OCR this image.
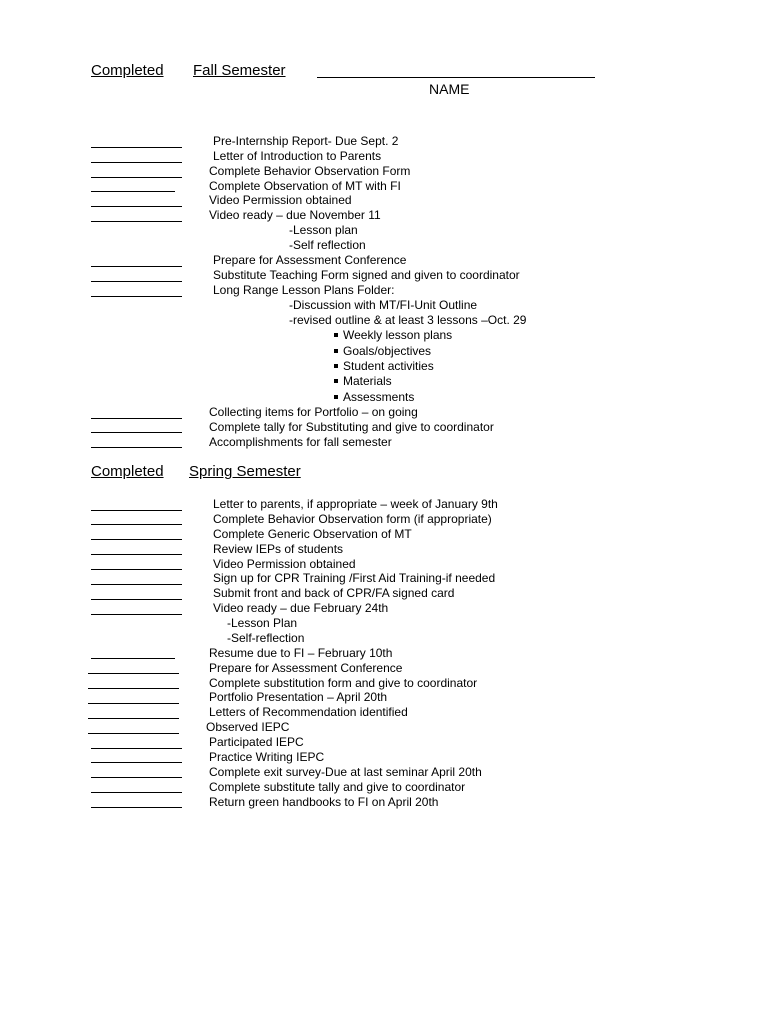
Completed Fall Semester
NAME
Pre-Internship Report- Due Sept. 2
Letter of Introduction to Parents
Complete Behavior Observation Form
Complete Observation of MT with FI
Video Permission obtained
Video ready – due November 11
-Lesson plan
-Self reflection
Prepare for Assessment Conference
Substitute Teaching Form signed and given to coordinator
Long Range Lesson Plans Folder:
-Discussion with MT/FI-Unit Outline
-revised outline & at least 3 lessons –Oct. 29
Weekly lesson plans
Goals/objectives
Student activities
Materials
Assessments
Collecting items for Portfolio – on going
Complete tally for Substituting and give to coordinator
Accomplishments for fall semester
Completed Spring Semester
Letter to parents, if appropriate – week of January 9th
Complete Behavior Observation form (if appropriate)
Complete Generic Observation of MT
Review IEPs of students
Video Permission obtained
Sign up for CPR Training /First Aid Training-if needed
Submit front and back of CPR/FA signed card
Video ready – due February 24th
-Lesson Plan
-Self-reflection
Resume due to FI – February 10th
Prepare for Assessment Conference
Complete substitution form and give to coordinator
Portfolio Presentation – April 20th
Letters of Recommendation identified
Observed IEPC
Participated IEPC
Practice Writing IEPC
Complete exit survey-Due at last seminar April 20th
Complete substitute tally and give to coordinator
Return green handbooks to FI on April 20th
